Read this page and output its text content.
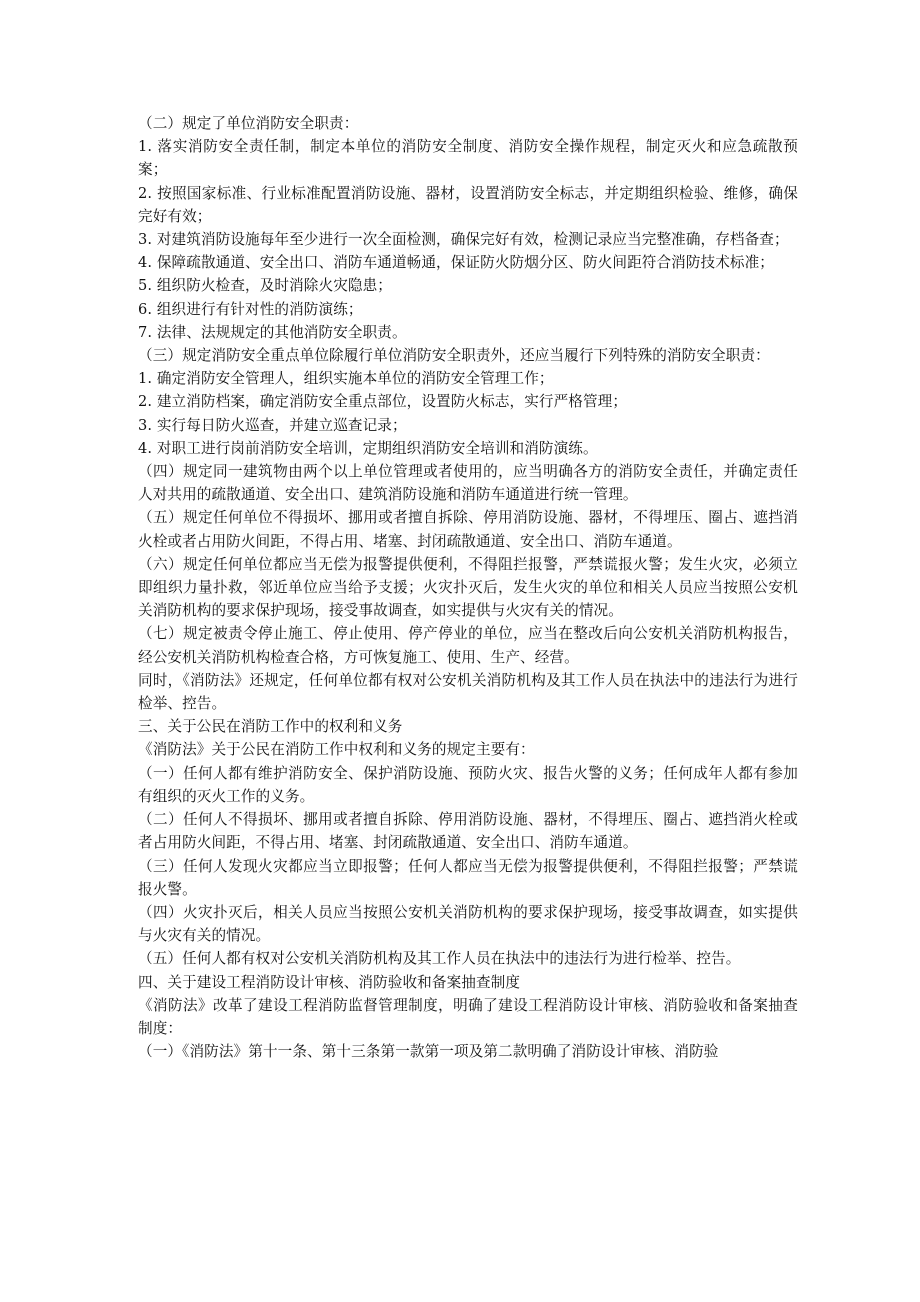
（二）规定了单位消防安全职责：

1. 落实消防安全责任制，制定本单位的消防安全制度、消防安全操作规程，制定灭火和应急疏散预案；

2. 按照国家标准、行业标准配置消防设施、器材，设置消防安全标志，并定期组织检验、维修，确保完好有效；

3. 对建筑消防设施每年至少进行一次全面检测，确保完好有效，检测记录应当完整准确，存档备查；

4. 保障疏散通道、安全出口、消防车通道畅通，保证防火防烟分区、防火间距符合消防技术标准；

5. 组织防火检查，及时消除火灾隐患；

6. 组织进行有针对性的消防演练；

7. 法律、法规规定的其他消防安全职责。

（三）规定消防安全重点单位除履行单位消防安全职责外，还应当履行下列特殊的消防安全职责：

1. 确定消防安全管理人，组织实施本单位的消防安全管理工作；

2. 建立消防档案，确定消防安全重点部位，设置防火标志，实行严格管理；

3. 实行每日防火巡查，并建立巡查记录；

4. 对职工进行岗前消防安全培训，定期组织消防安全培训和消防演练。

（四）规定同一建筑物由两个以上单位管理或者使用的，应当明确各方的消防安全责任，并确定责任人对共用的疏散通道、安全出口、建筑消防设施和消防车通道进行统一管理。

（五）规定任何单位不得损坏、挪用或者擅自拆除、停用消防设施、器材，不得埋压、圈占、遮挡消火栓或者占用防火间距，不得占用、堵塞、封闭疏散通道、安全出口、消防车通道。

（六）规定任何单位都应当无偿为报警提供便利，不得阻拦报警，严禁谎报火警；发生火灾，必须立即组织力量扑救，邻近单位应当给予支援；火灾扑灭后，发生火灾的单位和相关人员应当按照公安机关消防机构的要求保护现场，接受事故调查，如实提供与火灾有关的情况。

（七）规定被责令停止施工、停止使用、停产停业的单位，应当在整改后向公安机关消防机构报告，经公安机关消防机构检查合格，方可恢复施工、使用、生产、经营。

同时，《消防法》还规定，任何单位都有权对公安机关消防机构及其工作人员在执法中的违法行为进行检举、控告。

三、关于公民在消防工作中的权利和义务

《消防法》关于公民在消防工作中权利和义务的规定主要有：

（一）任何人都有维护消防安全、保护消防设施、预防火灾、报告火警的义务；任何成年人都有参加有组织的灭火工作的义务。

（二）任何人不得损坏、挪用或者擅自拆除、停用消防设施、器材，不得埋压、圈占、遮挡消火栓或者占用防火间距，不得占用、堵塞、封闭疏散通道、安全出口、消防车通道。

（三）任何人发现火灾都应当立即报警；任何人都应当无偿为报警提供便利，不得阻拦报警；严禁谎报火警。

（四）火灾扑灭后，相关人员应当按照公安机关消防机构的要求保护现场，接受事故调查，如实提供与火灾有关的情况。

（五）任何人都有权对公安机关消防机构及其工作人员在执法中的违法行为进行检举、控告。

四、关于建设工程消防设计审核、消防验收和备案抽查制度

《消防法》改革了建设工程消防监督管理制度，明确了建设工程消防设计审核、消防验收和备案抽查制度：

（一）《消防法》第十一条、第十三条第一款第一项及第二款明确了消防设计审核、消防验
